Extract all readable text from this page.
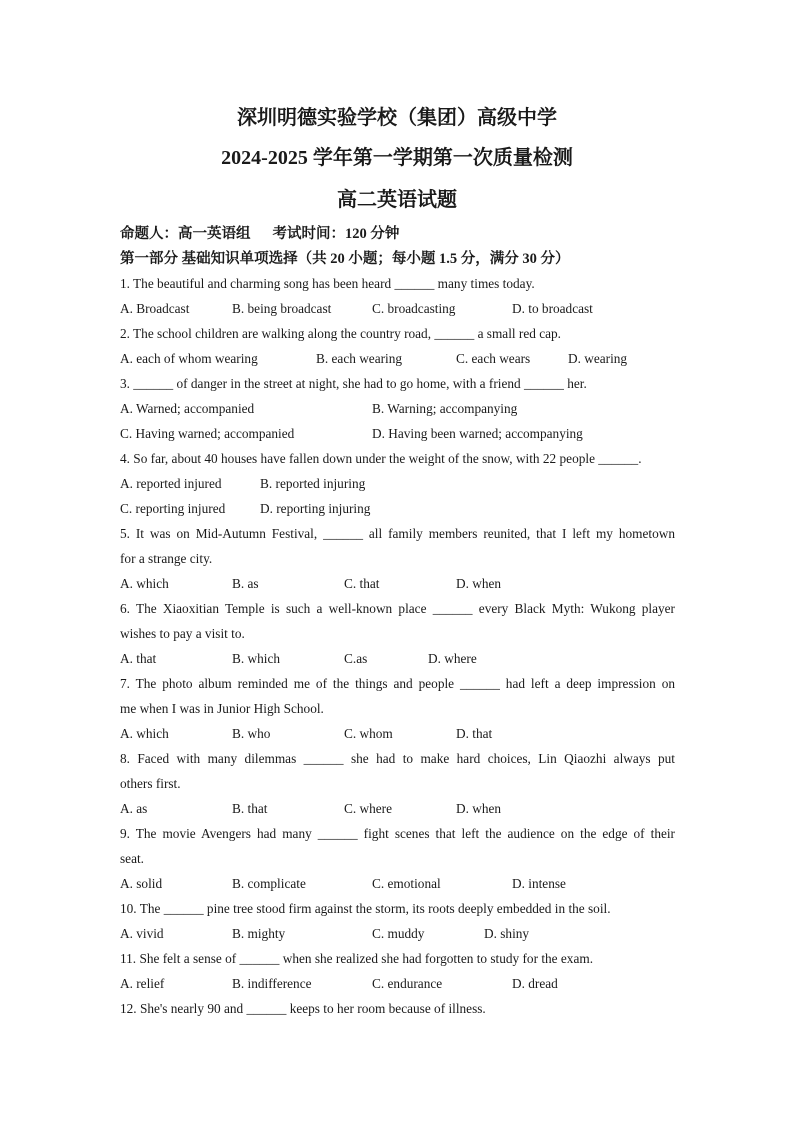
深圳明德实验学校（集团）高级中学
2024-2025 学年第一学期第一次质量检测
高二英语试题
命题人：高一英语组 考试时间：120 分钟
第一部分 基础知识单项选择（共 20 小题；每小题 1.5 分，满分 30 分）
1. The beautiful and charming song has been heard ______ many times today.
A. Broadcast	B. being broadcast	C. broadcasting	D. to broadcast
2. The school children are walking along the country road, ______ a small red cap.
A. each of whom wearing	B. each wearing	C. each wears	D. wearing
3. ______ of danger in the street at night, she had to go home, with a friend ______ her.
A. Warned; accompanied	B. Warning; accompanying
C. Having warned; accompanied	D. Having been warned; accompanying
4. So far, about 40 houses have fallen down under the weight of the snow, with 22 people ______.
A. reported injured	B. reported injuring
C. reporting injured	D. reporting injuring
5. It was on Mid-Autumn Festival, ______ all family members reunited, that I left my hometown
for a strange city.
A. which	B. as	C. that	D. when
6. The Xiaoxitian Temple is such a well-known place ______ every Black Myth: Wukong player
wishes to pay a visit to.
A. that	B. which	C.as	D. where
7. The photo album reminded me of the things and people ______ had left a deep impression on
me when I was in Junior High School.
A. which	B. who	C. whom	D. that
8. Faced with many dilemmas ______ she had to make hard choices, Lin Qiaozhi always put
others first.
A. as	B. that	C. where	D. when
9. The movie Avengers had many ______ fight scenes that left the audience on the edge of their
seat.
A. solid	B. complicate	C. emotional	D. intense
10. The ______ pine tree stood firm against the storm, its roots deeply embedded in the soil.
A. vivid	B. mighty	C. muddy	D. shiny
11. She felt a sense of ______ when she realized she had forgotten to study for the exam.
A. relief	B. indifference	C. endurance	D. dread
12. She's nearly 90 and ______ keeps to her room because of illness.
